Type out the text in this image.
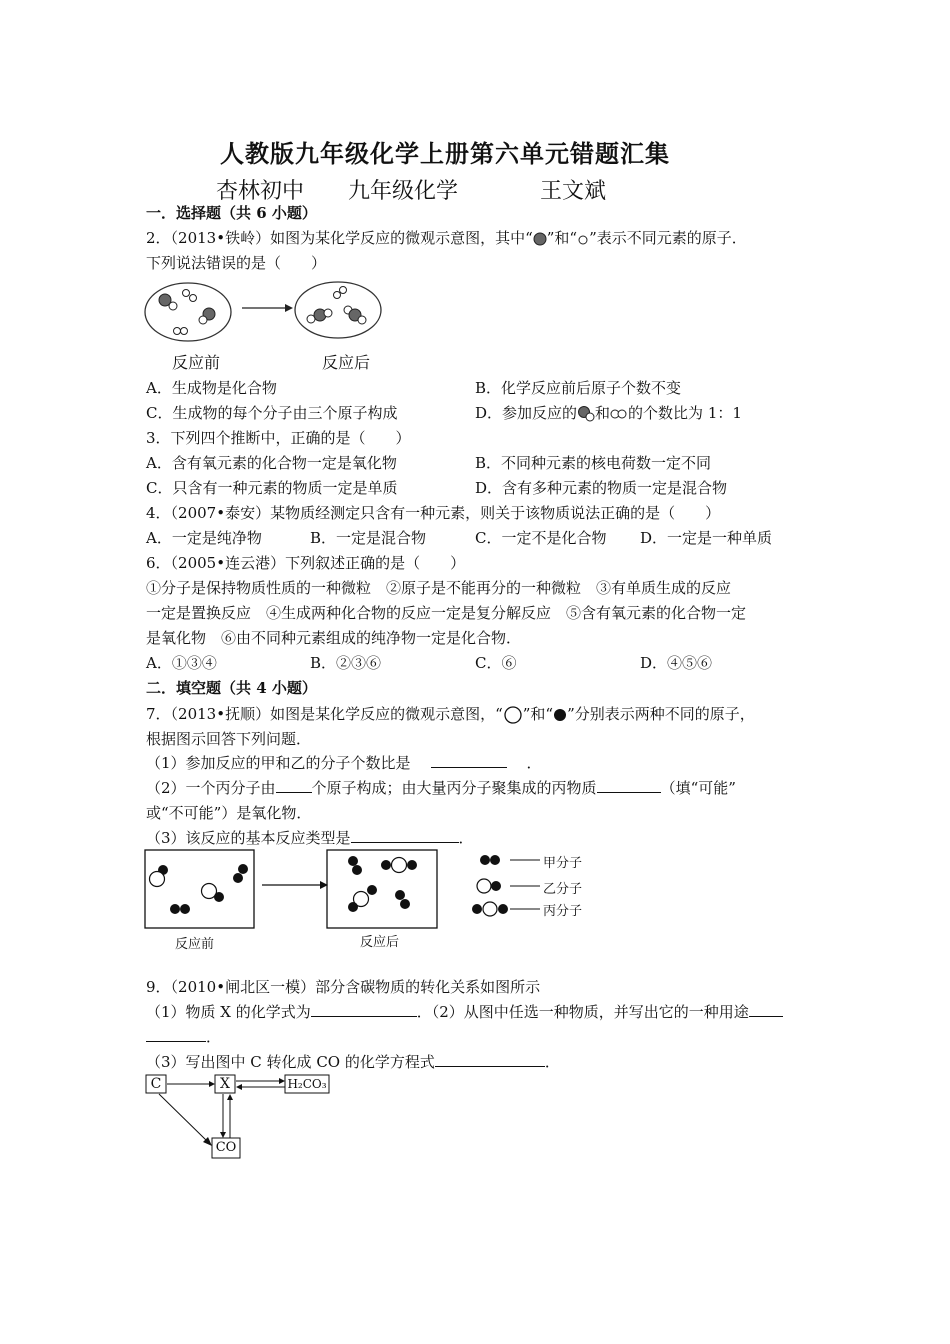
人教版九年级化学上册第六单元错题汇集
杏林初中 九年级化学	王文斌
一．选择题（共 6 小题）
2．（2013•铁岭）如图为某化学反应的微观示意图，其中“ ”和“ ”表示不同元素的原子．
下列说法错误的是（　　）
反应前	反应后
A．生成物是化合物	B．化学反应前后原子个数不变
C．生成物的每个分子由三个原子构成	D．参加反应的 和 的个数比为 1：1
3．下列四个推断中，正确的是（　　）
A．含有氧元素的化合物一定是氧化物	B．不同种元素的核电荷数一定不同
C．只含有一种元素的物质一定是单质	D．含有多种元素的物质一定是混合物
4．（2007•泰安）某物质经测定只含有一种元素，则关于该物质说法正确的是（　　）
A．一定是纯净物	B．一定是混合物	C．一定不是化合物 D．一定是一种单质
6．（2005•连云港）下列叙述正确的是（　　）
①分子是保持物质性质的一种微粒　②原子是不能再分的一种微粒　③有单质生成的反应
一定是置换反应　④生成两种化合物的反应一定是复分解反应　⑤含有氧元素的化合物一定
是氧化物　⑥由不同种元素组成的纯净物一定是化合物．
A．①③④	B．②③⑥	C．⑥	D．④⑤⑥
二．填空题（共 4 小题）
7．（2013•抚顺）如图是某化学反应的微观示意图，“ ”和“ ”分别表示两种不同的原子，
根据图示回答下列问题．
（1）参加反应的甲和乙的分子个数比是	．
（2）一个丙分子由 个原子构成；由大量丙分子聚集成的丙物质	（填“可能”
或“不可能”）是氧化物．
（3）该反应的基本反应类型是	．
甲分子
乙分子
丙分子
反应前	反应后
9．（2010•闸北区一模）部分含碳物质的转化关系如图所示
（1）物质 X 的化学式为	．（2）从图中任选一种物质，并写出它的一种用途
．
（3）写出图中 C 转化成 CO 的化学方程式	．
C	X	H₂CO₃
CO
